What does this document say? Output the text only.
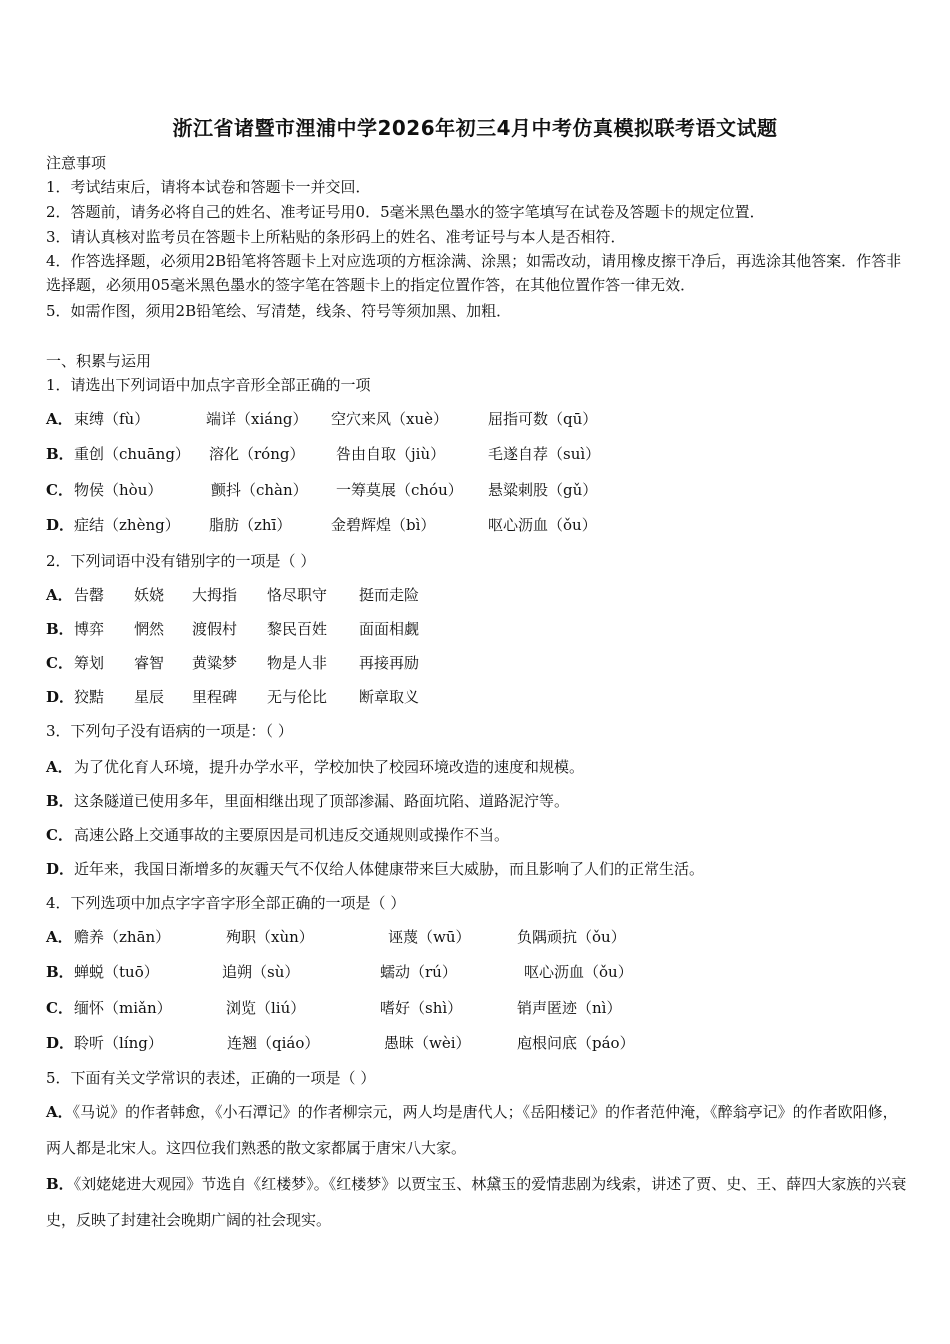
浙江省诸暨市浬浦中学2026年初三4月中考仿真模拟联考语文试题
注意事项
1．考试结束后，请将本试卷和答题卡一并交回．
2．答题前，请务必将自己的姓名、准考证号用0．5毫米黑色墨水的签字笔填写在试卷及答题卡的规定位置．
3．请认真核对监考员在答题卡上所粘贴的条形码上的姓名、准考证号与本人是否相符．
4．作答选择题，必须用2B铅笔将答题卡上对应选项的方框涂满、涂黑；如需改动，请用橡皮擦干净后，再选涂其他答案．作答非选择题，必须用05毫米黑色墨水的签字笔在答题卡上的指定位置作答，在其他位置作答一律无效．
5．如需作图，须用2B铅笔绘、写清楚，线条、符号等须加黑、加粗．
一、积累与运用
1．请选出下列词语中加点字音形全部正确的一项
A． 束缚（fù）	端详（xiáng） 空穴来风（xuè）	屈指可数（qū）
B． 重创（chuāng） 溶化（róng） 咎由自取（jiù）	毛遂自荐（suì）
C． 物侯（hòu）	颤抖（chàn） 一筹莫展（chóu） 悬粱刺股（gǔ）
D． 症结（zhèng） 脂肪（zhī）	金碧辉煌（bì）	呕心沥血（ǒu）
2．下列词语中没有错别字的一项是（ ）
A． 告罄 妖娆 大拇指 恪尽职守 挺而走险
B． 博弈 惘然 渡假村 黎民百姓 面面相觑
C． 筹划 睿智 黄粱梦 物是人非 再接再励
D． 狡黠 星辰 里程碑 无与伦比 断章取义
3．下列句子没有语病的一项是：（ ）
A．为了优化育人环境，提升办学水平，学校加快了校园环境改造的速度和规模。
B．这条隧道已使用多年，里面相继出现了顶部渗漏、路面坑陷、道路泥泞等。
C．高速公路上交通事故的主要原因是司机违反交通规则或操作不当。
D．近年来，我国日渐增多的灰霾天气不仅给人体健康带来巨大威胁，而且影响了人们的正常生活。
4．下列选项中加点字字音字形全部正确的一项是（ ）
A． 赡养（zhān）	殉职（xùn）	诬蔑（wū）	负隅顽抗（ǒu）
B． 蝉蜕（tuō）	追朔（sù）	蠕动（rú）	呕心沥血（ǒu）
C． 缅怀（miǎn）	浏览（liú）	嗜好（shì）	销声匿迹（nì）
D． 聆听（líng）	连翘（qiáo）	愚昧（wèi）	庖根问底（páo）
5．下面有关文学常识的表述，正确的一项是（ ）
A．《马说》的作者韩愈，《小石潭记》的作者柳宗元，两人均是唐代人；《岳阳楼记》的作者范仲淹，《醉翁亭记》的作者欧阳修，两人都是北宋人。这四位我们熟悉的散文家都属于唐宋八大家。
B．《刘姥姥进大观园》节选自《红楼梦》。《红楼梦》以贾宝玉、林黛玉的爱情悲剧为线索，讲述了贾、史、王、薛四大家族的兴衰史，反映了封建社会晚期广阔的社会现实。
